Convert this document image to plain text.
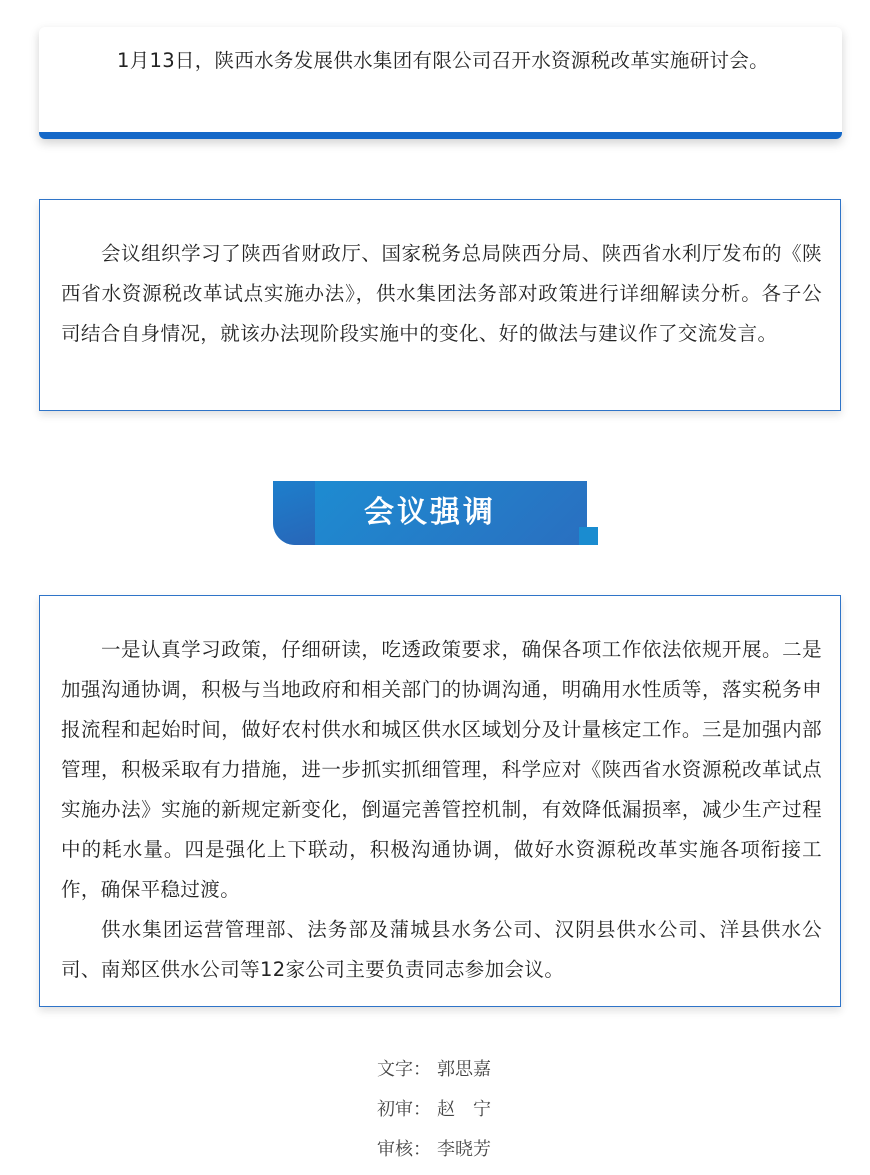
1月13日，陕西水务发展供水集团有限公司召开水资源税改革实施研讨会。

会议组织学习了陕西省财政厅、国家税务总局陕西分局、陕西省水利厅发布的《陕西省水资源税改革试点实施办法》，供水集团法务部对政策进行详细解读分析。各子公司结合自身情况，就该办法现阶段实施中的变化、好的做法与建议作了交流发言。

会议强调

一是认真学习政策，仔细研读，吃透政策要求，确保各项工作依法依规开展。二是加强沟通协调，积极与当地政府和相关部门的协调沟通，明确用水性质等，落实税务申报流程和起始时间，做好农村供水和城区供水区域划分及计量核定工作。三是加强内部管理，积极采取有力措施，进一步抓实抓细管理，科学应对《陕西省水资源税改革试点实施办法》实施的新规定新变化，倒逼完善管控机制，有效降低漏损率，减少生产过程中的耗水量。四是强化上下联动，积极沟通协调，做好水资源税改革实施各项衔接工作，确保平稳过渡。

供水集团运营管理部、法务部及蒲城县水务公司、汉阴县供水公司、洋县供水公司、南郑区供水公司等12家公司主要负责同志参加会议。

文字： 郭思嘉
初审： 赵　宁
审核： 李晓芳
